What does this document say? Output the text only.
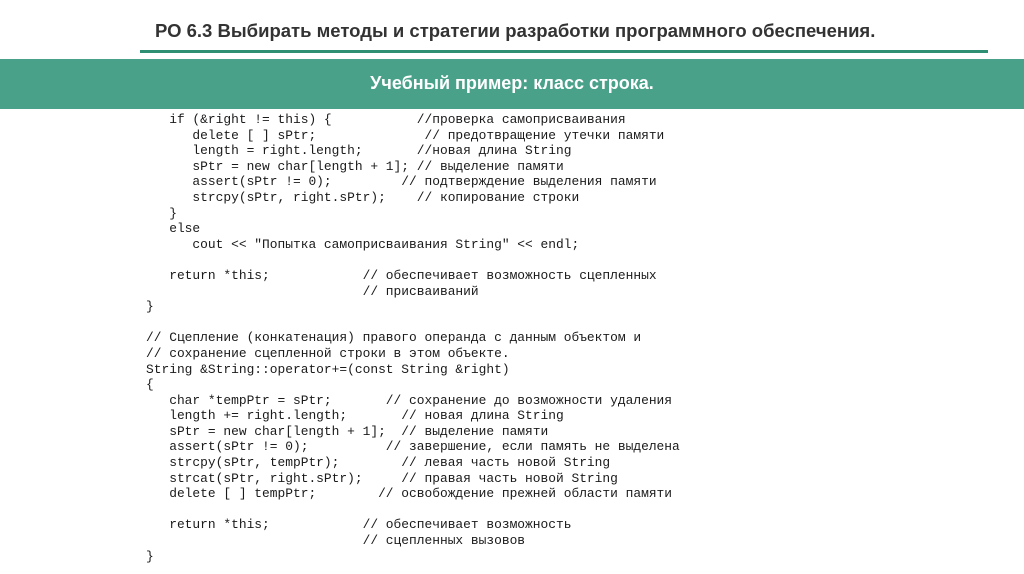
РО 6.3 Выбирать методы и стратегии разработки программного обеспечения.
Учебный пример: класс строка.
if (&right != this) {           //проверка самоприсваивания
delete [ ] sPtr;              // предотвращение утечки памяти
length = right.length;       //новая длина String
sPtr = new char[length + 1]; // выделение памяти
assert(sPtr != 0);         // подтверждение выделения памяти
strcpy(sPtr, right.sPtr);    // копирование строки
}
else
cout << "Попытка самоприсваивания String" << endl;
return *this;            // обеспечивает возможность сцепленных
// присваиваний
}
// Сцепление (конкатенация) правого операнда с данным объектом и
// сохранение сцепленной строки в этом объекте.
String &String::operator+=(const String &right)
{
char *tempPtr = sPtr;       // сохранение до возможности удаления
length += right.length;       // новая длина String
sPtr = new char[length + 1];  // выделение памяти
assert(sPtr != 0);          // завершение, если память не выделена
strcpy(sPtr, tempPtr);        // левая часть новой String
strcat(sPtr, right.sPtr);     // правая часть новой String
delete [ ] tempPtr;        // освобождение прежней области памяти
return *this;            // обеспечивает возможность
// сцепленных вызовов
}
